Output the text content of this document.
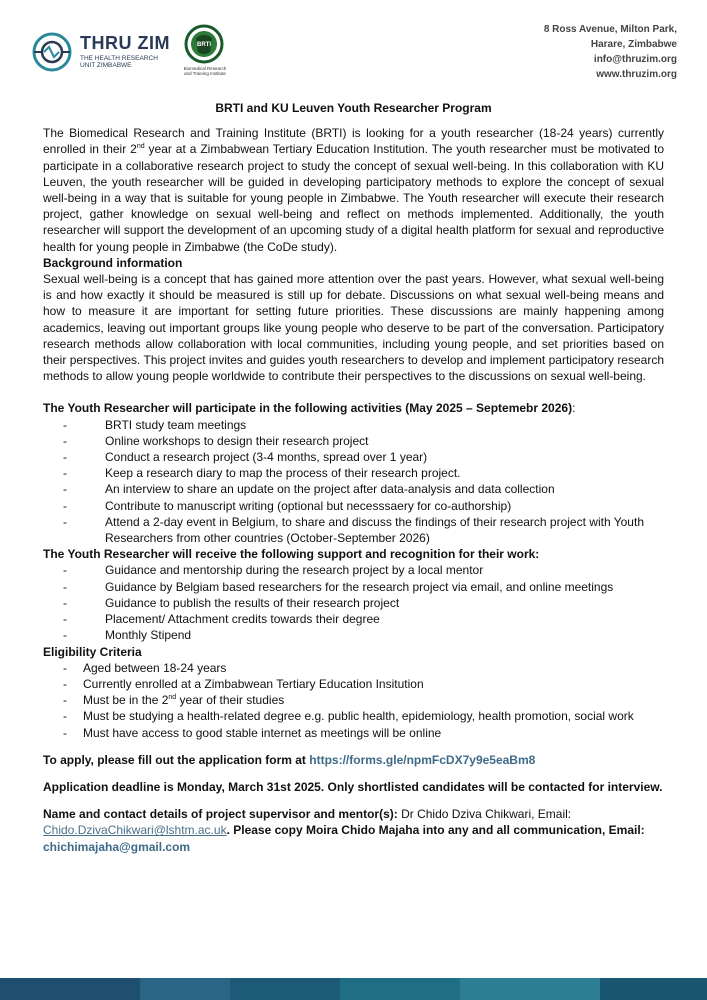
THRU ZIM
THE HEALTH RESEARCH
UNIT ZIMBABWE
BRTI
Biomedical Research
and Training Institute
8 Ross Avenue, Milton Park,
Harare, Zimbabwe
info@thruzim.org
www.thruzim.org
BRTI and KU Leuven Youth Researcher Program

The Biomedical Research and Training Institute (BRTI) is looking for a youth researcher (18-24 years) currently enrolled in their 2nd year at a Zimbabwean Tertiary Education Institution. The youth researcher must be motivated to participate in a collaborative research project to study the concept of sexual well-being. In this collaboration with KU Leuven, the youth researcher will be guided in developing participatory methods to explore the concept of sexual well-being in a way that is suitable for young people in Zimbabwe. The Youth researcher will execute their research project, gather knowledge on sexual well-being and reflect on methods implemented. Additionally, the youth researcher will support the development of an upcoming study of a digital health platform for sexual and reproductive health for young people in Zimbabwe (the CoDe study).

Background information

Sexual well-being is a concept that has gained more attention over the past years. However, what sexual well-being is and how exactly it should be measured is still up for debate. Discussions on what sexual well-being means and how to measure it are important for setting future priorities. These discussions are mainly happening among academics, leaving out important groups like young people who deserve to be part of the conversation. Participatory research methods allow collaboration with local communities, including young people, and set priorities based on their perspectives. This project invites and guides youth researchers to develop and implement participatory research methods to allow young people worldwide to contribute their perspectives to the discussions on sexual well-being.

The Youth Researcher will participate in the following activities (May 2025 – Septemebr 2026):

-	BRTI study team meetings
-	Online workshops to design their research project
-	Conduct a research project (3-4 months, spread over 1 year)
-	Keep a research diary to map the process of their research project.
-	An interview to share an update on the project after data-analysis and data collection
-	Contribute to manuscript writing (optional but necesssaery for co-authorship)
-	Attend a 2-day event in Belgium, to share and discuss the findings of their research project with Youth Researchers from other countries (October-September 2026)

The Youth Researcher will receive the following support and recognition for their work:

-	Guidance and mentorship during the research project by a local mentor
-	Guidance by Belgiam based researchers for the research project via email, and online meetings
-	Guidance to publish the results of their research project
-	Placement/ Attachment credits towards their degree
-	Monthly Stipend

Eligibility Criteria

- Aged between 18-24 years
- Currently enrolled at a Zimbabwean Tertiary Education Insitution
- Must be in the 2nd year of their studies
- Must be studying a health-related degree e.g. public health, epidemiology, health promotion, social work
- Must have access to good stable internet as meetings will be online

To apply, please fill out the application form at https://forms.gle/npmFcDX7y9e5eaBm8

Application deadline is Monday, March 31st 2025. Only shortlisted candidates will be contacted for interview.

Name and contact details of project supervisor and mentor(s): Dr Chido Dziva Chikwari, Email: Chido.DzivaChikwari@lshtm.ac.uk. Please copy Moira Chido Majaha into any and all communication, Email: chichimajaha@gmail.com
